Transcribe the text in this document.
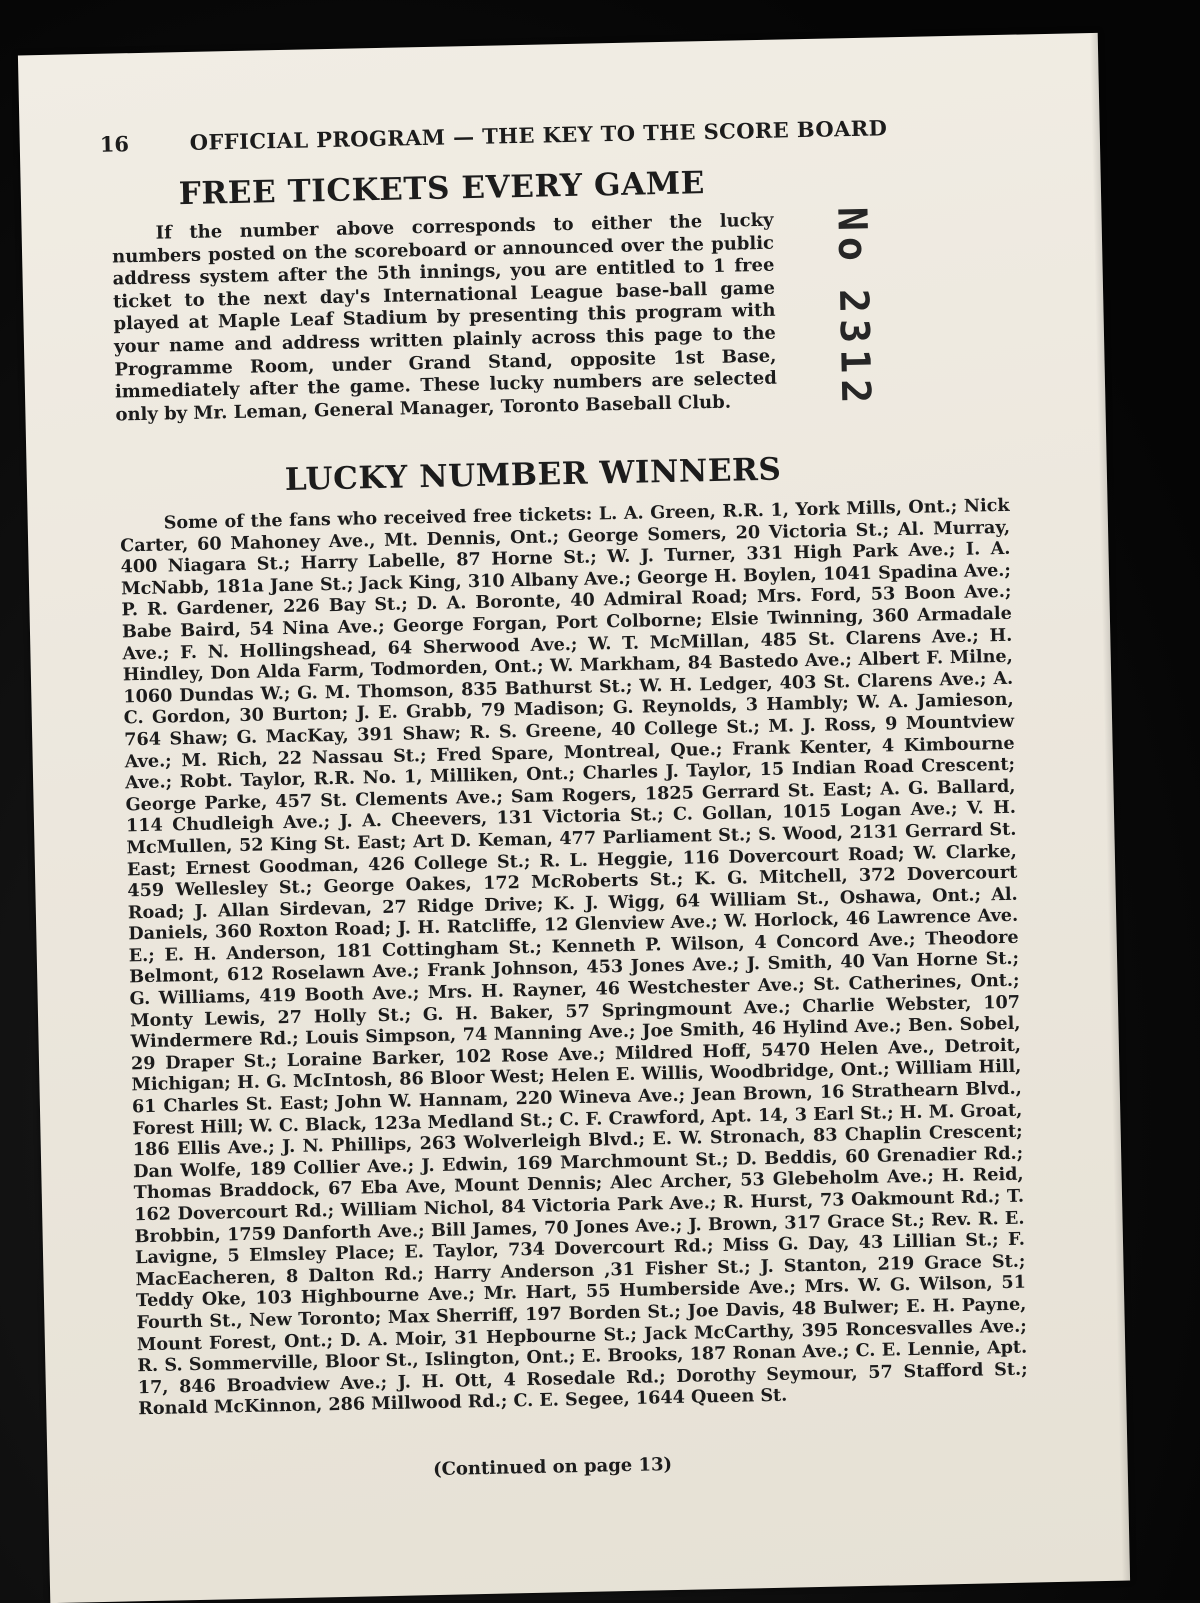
16	OFFICIAL PROGRAM — THE KEY TO THE SCORE BOARD
FREE TICKETS EVERY GAME

If the number above corresponds to either the lucky numbers posted on the scoreboard or announced over the public address system after the 5th innings, you are entitled to 1 free ticket to the next day's International League base-ball game played at Maple Leaf Stadium by presenting this program with your name and address written plainly across this page to the Programme Room, under Grand Stand, opposite 1st Base, immediately after the game. These lucky numbers are selected only by Mr. Leman, General Manager, Toronto Baseball Club.

No2312
LUCKY NUMBER WINNERS

Some of the fans who received free tickets: L. A. Green, R.R. 1, York Mills, Ont.; Nick Carter, 60 Mahoney Ave., Mt. Dennis, Ont.; George Somers, 20 Victoria St.; Al. Murray, 400 Niagara St.; Harry Labelle, 87 Horne St.; W. J. Turner, 331 High Park Ave.; I. A. McNabb, 181a Jane St.; Jack King, 310 Albany Ave.; George H. Boylen, 1041 Spadina Ave.; P. R. Gardener, 226 Bay St.; D. A. Boronte, 40 Admiral Road; Mrs. Ford, 53 Boon Ave.; Babe Baird, 54 Nina Ave.; George Forgan, Port Colborne; Elsie Twinning, 360 Armadale Ave.; F. N. Hollingshead, 64 Sherwood Ave.; W. T. McMillan, 485 St. Clarens Ave.; H. Hindley, Don Alda Farm, Todmorden, Ont.; W. Markham, 84 Bastedo Ave.; Albert F. Milne, 1060 Dundas W.; G. M. Thomson, 835 Bathurst St.; W. H. Ledger, 403 St. Clarens Ave.; A. C. Gordon, 30 Burton; J. E. Grabb, 79 Madison; G. Reynolds, 3 Hambly; W. A. Jamieson, 764 Shaw; G. MacKay, 391 Shaw; R. S. Greene, 40 College St.; M. J. Ross, 9 Mountview Ave.; M. Rich, 22 Nassau St.; Fred Spare, Montreal, Que.; Frank Kenter, 4 Kimbourne Ave.; Robt. Taylor, R.R. No. 1, Milliken, Ont.; Charles J. Taylor, 15 Indian Road Crescent; George Parke, 457 St. Clements Ave.; Sam Rogers, 1825 Gerrard St. East; A. G. Ballard, 114 Chudleigh Ave.; J. A. Cheevers, 131 Victoria St.; C. Gollan, 1015 Logan Ave.; V. H. McMullen, 52 King St. East; Art D. Keman, 477 Parliament St.; S. Wood, 2131 Gerrard St. East; Ernest Goodman, 426 College St.; R. L. Heggie, 116 Dovercourt Road; W. Clarke, 459 Wellesley St.; George Oakes, 172 McRoberts St.; K. G. Mitchell, 372 Dovercourt Road; J. Allan Sirdevan, 27 Ridge Drive; K. J. Wigg, 64 William St., Oshawa, Ont.; Al. Daniels, 360 Roxton Road; J. H. Ratcliffe, 12 Glenview Ave.; W. Horlock, 46 Lawrence Ave. E.; E. H. Anderson, 181 Cottingham St.; Kenneth P. Wilson, 4 Concord Ave.; Theodore Belmont, 612 Roselawn Ave.; Frank Johnson, 453 Jones Ave.; J. Smith, 40 Van Horne St.; G. Williams, 419 Booth Ave.; Mrs. H. Rayner, 46 Westchester Ave.; St. Catherines, Ont.; Monty Lewis, 27 Holly St.; G. H. Baker, 57 Springmount Ave.; Charlie Webster, 107 Windermere Rd.; Louis Simpson, 74 Manning Ave.; Joe Smith, 46 Hylind Ave.; Ben. Sobel, 29 Draper St.; Loraine Barker, 102 Rose Ave.; Mildred Hoff, 5470 Helen Ave., Detroit, Michigan; H. G. McIntosh, 86 Bloor West; Helen E. Willis, Woodbridge, Ont.; William Hill, 61 Charles St. East; John W. Hannam, 220 Wineva Ave.; Jean Brown, 16 Strathearn Blvd., Forest Hill; W. C. Black, 123a Medland St.; C. F. Crawford, Apt. 14, 3 Earl St.; H. M. Groat, 186 Ellis Ave.; J. N. Phillips, 263 Wolverleigh Blvd.; E. W. Stronach, 83 Chaplin Crescent; Dan Wolfe, 189 Collier Ave.; J. Edwin, 169 Marchmount St.; D. Beddis, 60 Grenadier Rd.; Thomas Braddock, 67 Eba Ave, Mount Dennis; Alec Archer, 53 Glebeholm Ave.; H. Reid, 162 Dovercourt Rd.; William Nichol, 84 Victoria Park Ave.; R. Hurst, 73 Oakmount Rd.; T. Brobbin, 1759 Danforth Ave.; Bill James, 70 Jones Ave.; J. Brown, 317 Grace St.; Rev. R. E. Lavigne, 5 Elmsley Place; E. Taylor, 734 Dovercourt Rd.; Miss G. Day, 43 Lillian St.; F. MacEacheren, 8 Dalton Rd.; Harry Anderson ,31 Fisher St.; J. Stanton, 219 Grace St.; Teddy Oke, 103 Highbourne Ave.; Mr. Hart, 55 Humberside Ave.; Mrs. W. G. Wilson, 51 Fourth St., New Toronto; Max Sherriff, 197 Borden St.; Joe Davis, 48 Bulwer; E. H. Payne, Mount Forest, Ont.; D. A. Moir, 31 Hepbourne St.; Jack McCarthy, 395 Roncesvalles Ave.; R. S. Sommerville, Bloor St., Islington, Ont.; E. Brooks, 187 Ronan Ave.; C. E. Lennie, Apt. 17, 846 Broadview Ave.; J. H. Ott, 4 Rosedale Rd.; Dorothy Seymour, 57 Stafford St.; Ronald McKinnon, 286 Millwood Rd.; C. E. Segee, 1644 Queen St.

(Continued on page 13)
